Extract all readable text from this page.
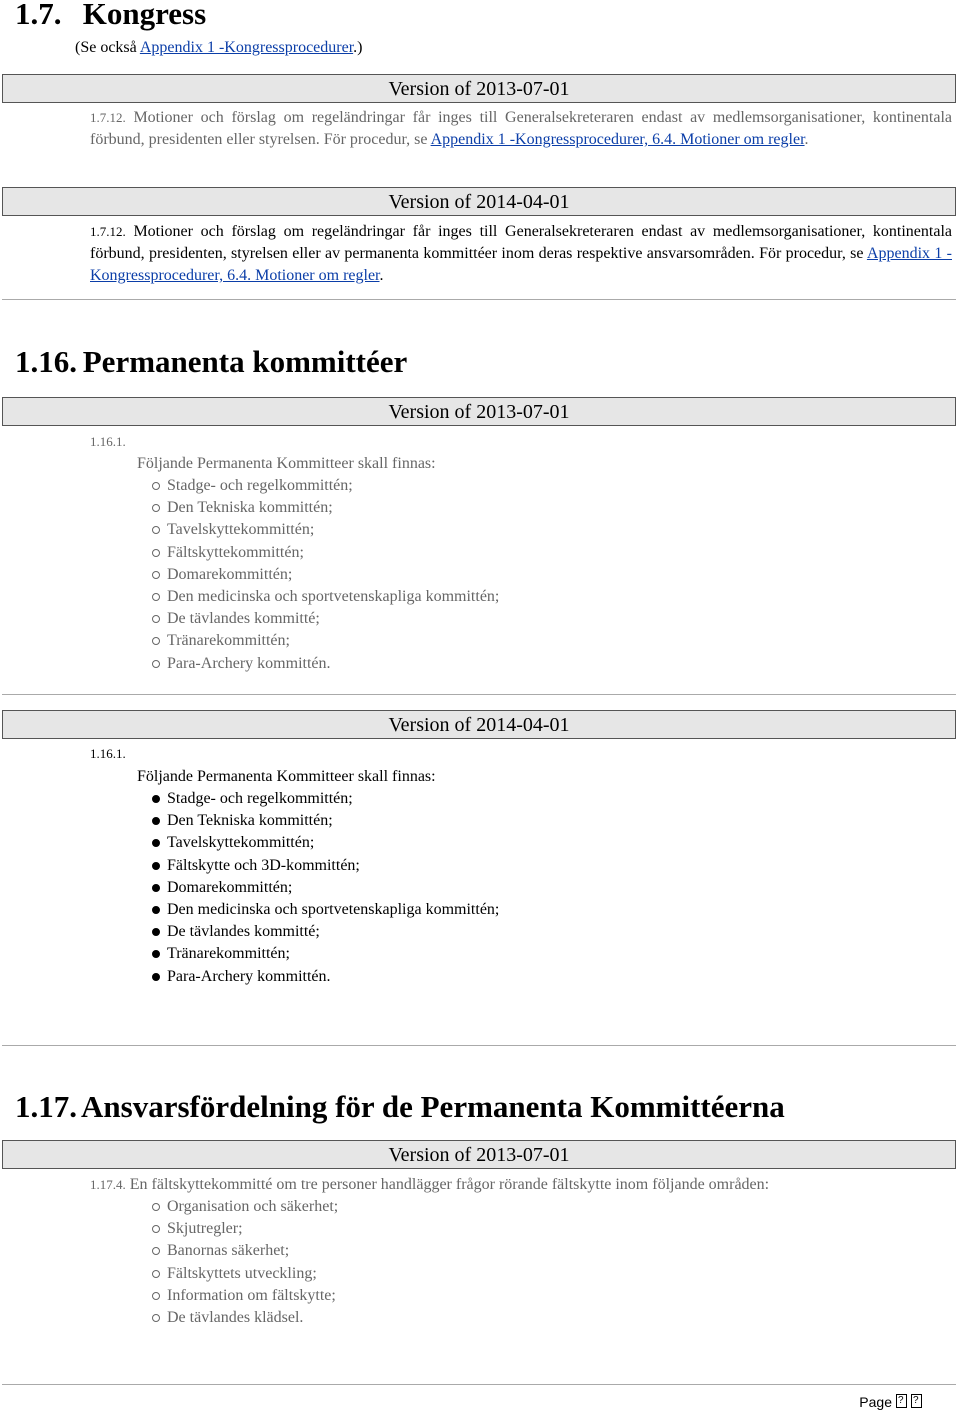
1.7. Kongress
(Se också Appendix 1 -Kongressprocedurer.)
Version of 2013-07-01
1.7.12. Motioner och förslag om regeländringar får inges till Generalsekreteraren endast av medlemsorganisationer, kontinentala förbund, presidenten eller styrelsen. För procedur, se Appendix 1 -Kongressprocedurer, 6.4. Motioner om regler.
Version of 2014-04-01
1.7.12. Motioner och förslag om regeländringar får inges till Generalsekreteraren endast av medlemsorganisationer, kontinentala förbund, presidenten, styrelsen eller av permanenta kommittéer inom deras respektive ansvarsområden. För procedur, se Appendix 1 -Kongressprocedurer, 6.4. Motioner om regler.
1.16. Permanenta kommittéer
Version of 2013-07-01
1.16.1.
Följande Permanenta Kommitteer skall finnas:
Stadge- och regelkommittén;
Den Tekniska kommittén;
Tavelskyttekommittén;
Fältskyttekommittén;
Domarekommittén;
Den medicinska och sportvetenskapliga kommittén;
De tävlandes kommitté;
Tränarekommittén;
Para-Archery kommittén.
Version of 2014-04-01
1.16.1.
Följande Permanenta Kommitteer skall finnas:
Stadge- och regelkommittén;
Den Tekniska kommittén;
Tavelskyttekommittén;
Fältskytte och 3D-kommittén;
Domarekommittén;
Den medicinska och sportvetenskapliga kommittén;
De tävlandes kommitté;
Tränarekommittén;
Para-Archery kommittén.
1.17. Ansvarsfördelning för de Permanenta Kommittéerna
Version of 2013-07-01
1.17.4. En fältskyttekommitté om tre personer handlägger frågor rörande fältskytte inom följande områden:
Organisation och säkerhet;
Skjutregler;
Banornas säkerhet;
Fältskyttets utveckling;
Information om fältskytte;
De tävlandes klädsel.
Page??
